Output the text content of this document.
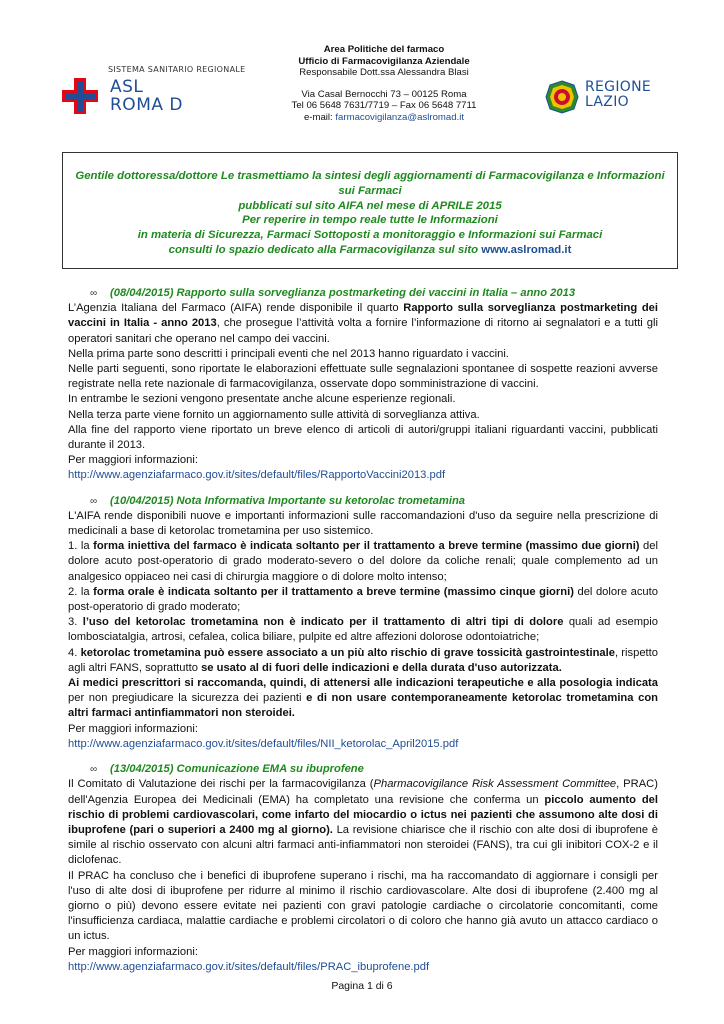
SISTEMA SANITARIO REGIONALE
ASL
ROMA D
Area Politiche del farmaco
Ufficio di Farmacovigilanza Aziendale
Responsabile Dott.ssa Alessandra Blasi
Via Casal Bernocchi 73 – 00125 Roma
Tel 06 5648 7631/7719 – Fax 06 5648 7711
e-mail: farmacovigilanza@aslromad.it
REGIONE
LAZIO

Gentile dottoressa/dottore Le trasmettiamo la sintesi degli aggiornamenti di Farmacovigilanza e Informazioni sui Farmaci
pubblicati sul sito AIFA nel mese di APRILE 2015

Per reperire in tempo reale tutte le Informazioni
in materia di Sicurezza, Farmaci Sottoposti a monitoraggio e Informazioni sui Farmaci
consulti lo spazio dedicato alla Farmacovigilanza sul sito www.aslromad.it

∞ (08/04/2015) Rapporto sulla sorveglianza postmarketing dei vaccini in Italia – anno 2013

L’Agenzia Italiana del Farmaco (AIFA) rende disponibile il quarto Rapporto sulla sorveglianza postmarketing dei vaccini in Italia - anno 2013, che prosegue l’attività volta a fornire l’informazione di ritorno ai segnalatori e a tutti gli operatori sanitari che operano nel campo dei vaccini.

Nella prima parte sono descritti i principali eventi che nel 2013 hanno riguardato i vaccini.

Nelle parti seguenti, sono riportate le elaborazioni effettuate sulle segnalazioni spontanee di sospette reazioni avverse registrate nella rete nazionale di farmacovigilanza, osservate dopo somministrazione di vaccini.

In entrambe le sezioni vengono presentate anche alcune esperienze regionali.

Nella terza parte viene fornito un aggiornamento sulle attività di sorveglianza attiva.

Alla fine del rapporto viene riportato un breve elenco di articoli di autori/gruppi italiani riguardanti vaccini, pubblicati durante il 2013.

Per maggiori informazioni:

http://www.agenziafarmaco.gov.it/sites/default/files/RapportoVaccini2013.pdf

∞ (10/04/2015) Nota Informativa Importante su ketorolac trometamina

L'AIFA rende disponibili nuove e importanti informazioni sulle raccomandazioni d'uso da seguire nella prescrizione di medicinali a base di ketorolac trometamina per uso sistemico.

1. la forma iniettiva del farmaco è indicata soltanto per il trattamento a breve termine (massimo due giorni) del dolore acuto post-operatorio di grado moderato-severo o del dolore da coliche renali; quale complemento ad un analgesico oppiaceo nei casi di chirurgia maggiore o di dolore molto intenso;

2. la forma orale è indicata soltanto per il trattamento a breve termine (massimo cinque giorni) del dolore acuto post-operatorio di grado moderato;

3. l’uso del ketorolac trometamina non è indicato per il trattamento di altri tipi di dolore quali ad esempio lombosciatalgia, artrosi, cefalea, colica biliare, pulpite ed altre affezioni dolorose odontoiatriche;

4. ketorolac trometamina può essere associato a un più alto rischio di grave tossicità gastrointestinale, rispetto agli altri FANS, soprattutto se usato al di fuori delle indicazioni e della durata d'uso autorizzata.

Ai medici prescrittori si raccomanda, quindi, di attenersi alle indicazioni terapeutiche e alla posologia indicata per non pregiudicare la sicurezza dei pazienti e di non usare contemporaneamente ketorolac trometamina con altri farmaci antinfiammatori non steroidei.

Per maggiori informazioni:

http://www.agenziafarmaco.gov.it/sites/default/files/NII_ketorolac_April2015.pdf

∞ (13/04/2015) Comunicazione EMA su ibuprofene

Il Comitato di Valutazione dei rischi per la farmacovigilanza (Pharmacovigilance Risk Assessment Committee, PRAC) dell'Agenzia Europea dei Medicinali (EMA) ha completato una revisione che conferma un piccolo aumento del rischio di problemi cardiovascolari, come infarto del miocardio o ictus nei pazienti che assumono alte dosi di ibuprofene (pari o superiori a 2400 mg al giorno). La revisione chiarisce che il rischio con alte dosi di ibuprofene è simile al rischio osservato con alcuni altri farmaci anti-infiammatori non steroidei (FANS), tra cui gli inibitori COX-2 e il diclofenac.

Il PRAC ha concluso che i benefici di ibuprofene superano i rischi, ma ha raccomandato di aggiornare i consigli per l'uso di alte dosi di ibuprofene per ridurre al minimo il rischio cardiovascolare. Alte dosi di ibuprofene (2.400 mg al giorno o più) devono essere evitate nei pazienti con gravi patologie cardiache o circolatorie concomitanti, come l'insufficienza cardiaca, malattie cardiache e problemi circolatori o di coloro che hanno già avuto un attacco cardiaco o un ictus.

Per maggiori informazioni:

http://www.agenziafarmaco.gov.it/sites/default/files/PRAC_ibuprofene.pdf

Pagina 1 di 6
